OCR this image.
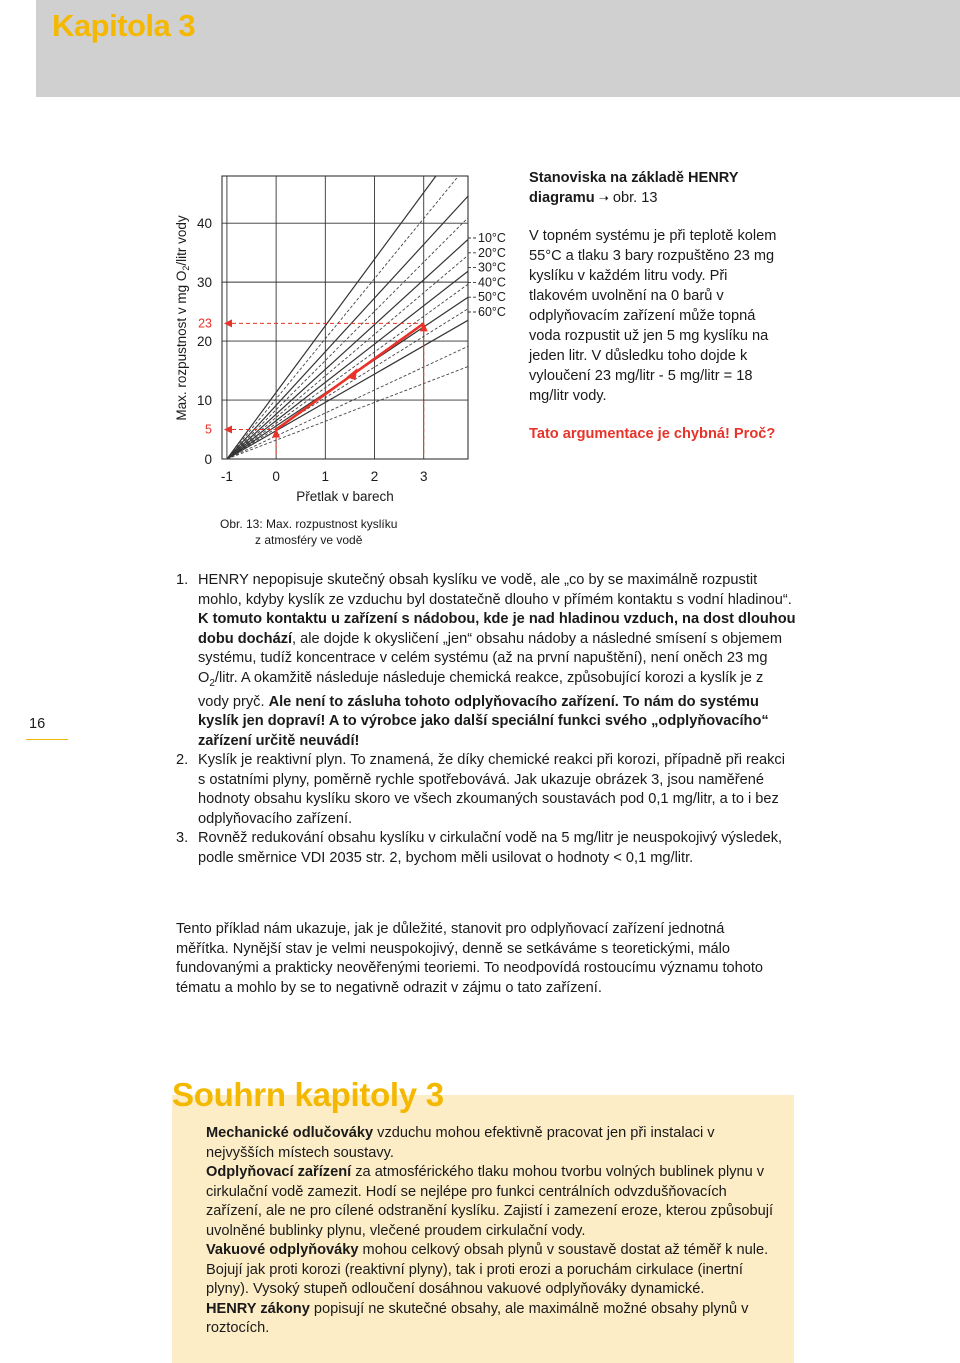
Kapitola 3
Max. rozpustnost v mg $O_2$/litr vody
0
10
20
30
40
-1	0	1	2	3
5
23
10°C
20°C
30°C
40°C
50°C
60°C
Přetlak v barech
Obr. 13: Max. rozpustnost kyslíku
z atmosféry ve vodě

Stanoviska na základě HENRY diagramu ➝ obr. 13

V topném systému je při teplotě kolem 55°C a tlaku 3 bary rozpuštěno 23 mg kyslíku v každém litru vody. Při tlakovém uvolnění na 0 barů v odplyňovacím zařízení může topná voda rozpustit už jen 5 mg kyslíku na jeden litr. V důsledku toho dojde k vyloučení 23 mg/litr - 5 mg/litr = 18 mg/litr vody.

Tato argumentace je chybná! Proč?

16

1. HENRY nepopisuje skutečný obsah kyslíku ve vodě, ale „co by se maximálně rozpustit mohlo, kdyby kyslík ze vzduchu byl dostatečně dlouho v přímém kontaktu s vodní hladinou“. K tomuto kontaktu u zařízení s nádobou, kde je nad hladinou vzduch, na dost dlouhou dobu dochází, ale dojde k okysličení „jen“ obsahu nádoby a následné smísení s objemem systému, tudíž koncentrace v celém systému (až na první napuštění), není oněch 23 mg $O_2$/litr. A okamžitě následuje následuje chemická reakce, způsobující korozi a kyslík je z vody pryč. Ale není to zásluha tohoto odplyňovacího zařízení. To nám do systému kyslík jen dopraví! A to výrobce jako další speciální funkci svého „odplyňovacího“ zařízení určitě neuvádí!

2. Kyslík je reaktivní plyn. To znamená, že díky chemické reakci při korozi, případně při reakci s ostatními plyny, poměrně rychle spotřebovává. Jak ukazuje obrázek 3, jsou naměřené hodnoty obsahu kyslíku skoro ve všech zkoumaných soustavách pod 0,1 mg/litr, a to i bez odplyňovacího zařízení.

3. Rovněž redukování obsahu kyslíku v cirkulační vodě na 5 mg/litr je neuspokojivý výsledek, podle směrnice VDI 2035 str. 2, bychom měli usilovat o hodnoty < 0,1 mg/litr.

Tento příklad nám ukazuje, jak je důležité, stanovit pro odplyňovací zařízení jednotná měřítka. Nynější stav je velmi neuspokojivý, denně se setkáváme s teoretickými, málo fundovanými a prakticky neověřenými teoriemi. To neodpovídá rostoucímu významu tohoto tématu a mohlo by se to negativně odrazit v zájmu o tato zařízení.

Souhrn kapitoly 3

Mechanické odlučováky vzduchu mohou efektivně pracovat jen při instalaci v nejvyšších místech soustavy.

Odplyňovací zařízení za atmosférického tlaku mohou tvorbu volných bublinek plynu v cirkulační vodě zamezit. Hodí se nejlépe pro funkci centrálních odvzdušňovacích zařízení, ale ne pro cílené odstranění kyslíku. Zajistí i zamezení eroze, kterou způsobují uvolněné bublinky plynu, vlečené proudem cirkulační vody.

Vakuové odplyňováky mohou celkový obsah plynů v soustavě dostat až téměř k nule. Bojují jak proti korozi (reaktivní plyny), tak i proti erozi a poruchám cirkulace (inertní plyny). Vysoký stupeň odloučení dosáhnou vakuové odplyňováky dynamické.

HENRY zákony popisují ne skutečné obsahy, ale maximálně možné obsahy plynů v roztocích.
